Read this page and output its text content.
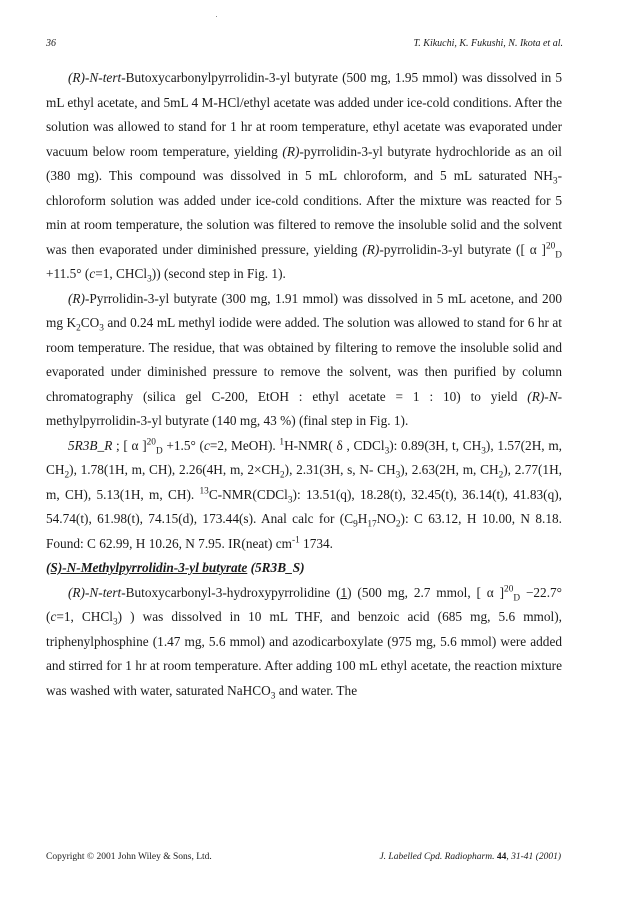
36	T. Kikuchi, K. Fukushi, N. Ikota et al.

(R)-N-tert-Butoxycarbonylpyrrolidin-3-yl butyrate (500 mg, 1.95 mmol) was dissolved in 5 mL ethyl acetate, and 5mL 4 M-HCl/ethyl acetate was added under ice-cold conditions. After the solution was allowed to stand for 1 hr at room temperature, ethyl acetate was evaporated under vacuum below room temperature, yielding (R)-pyrrolidin-3-yl butyrate hydrochloride as an oil (380 mg). This compound was dissolved in 5 mL chloroform, and 5 mL saturated $NH_3$-chloroform solution was added under ice-cold conditions. After the mixture was reacted for 5 min at room temperature, the solution was filtered to remove the insoluble solid and the solvent was then evaporated under diminished pressure, yielding (R)-pyrrolidin-3-yl butyrate ([ α ]$^{20}_D$ +11.5° (c=1, CHCl$_3$)) (second step in Fig. 1).

(R)-Pyrrolidin-3-yl butyrate (300 mg, 1.91 mmol) was dissolved in 5 mL acetone, and 200 mg $K_2CO_3$ and 0.24 mL methyl iodide were added. The solution was allowed to stand for 6 hr at room temperature. The residue, that was obtained by filtering to remove the insoluble solid and evaporated under diminished pressure to remove the solvent, was then purified by column chromatography (silica gel C-200, EtOH : ethyl acetate = 1 : 10) to yield (R)-N-methylpyrrolidin-3-yl butyrate (140 mg, 43 %) (final step in Fig. 1).

5R3B_R ; [ α ]$^{20}_D$ +1.5° (c=2, MeOH). $^1$H-NMR( δ , CDCl$_3$): 0.89(3H, t, $CH_3$), 1.57(2H, m, $CH_2$), 1.78(1H, m, CH), 2.26(4H, m, $2\times CH_2$), 2.31(3H, s, N- $CH_3$), 2.63(2H, m, $CH_2$), 2.77(1H, m, CH), 5.13(1H, m, CH). $^{13}$C-NMR(CDCl$_3$): 13.51(q), 18.28(t), 32.45(t), 36.14(t), 41.83(q), 54.74(t), 61.98(t), 74.15(d), 173.44(s). Anal calc for $(C_9H_{17}NO_2)$: C 63.12, H 10.00, N 8.18. Found: C 62.99, H 10.26, N 7.95. IR(neat) $cm^{-1}$ 1734.

(S)-N-Methylpyrrolidin-3-yl butyrate (5R3B_S)

(R)-N-tert-Butoxycarbonyl-3-hydroxypyrrolidine (1) (500 mg, 2.7 mmol, [ α ]$^{20}_D$ −22.7° (c=1, CHCl$_3$) ) was dissolved in 10 mL THF, and benzoic acid (685 mg, 5.6 mmol), triphenylphosphine (1.47 mg, 5.6 mmol) and azodicarboxylate (975 mg, 5.6 mmol) were added and stirred for 1 hr at room temperature. After adding 100 mL ethyl acetate, the reaction mixture was washed with water, saturated NaHCO$_3$ and water. The

Copyright © 2001 John Wiley & Sons, Ltd.	J. Labelled Cpd. Radiopharm. 44, 31-41 (2001)
